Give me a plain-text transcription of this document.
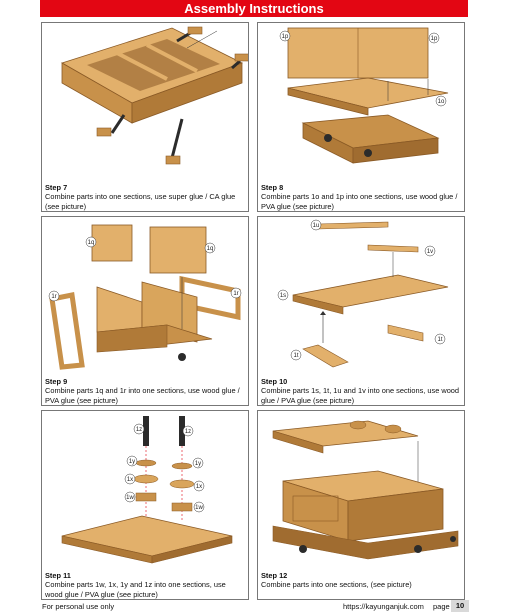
Assembly Instructions
Step 7
Combine parts into one sections, use super glue / CA glue (see picture)
1p	1p
1o
Step 8
Combine parts 1o and 1p into one sections, use wood glue / PVA glue (see picture)
1q
1q
1r	1r
Step 9
Combine parts 1q and 1r into one sections, use wood glue / PVA glue (see picture)
1u
1v
1s
1t
1t
Step 10
Combine parts 1s, 1t, 1u and 1v into one sections, use wood glue / PVA glue (see picture)
1z	1z
1y	1y
1x
1x
1w
1w
Step 11
Combine parts 1w, 1x, 1y and 1z into one sections, use wood glue / PVA glue (see picture)
Step 12
Combine parts into one sections, (see picture)
For personal use only	https://kayunganjuk.com page 10
